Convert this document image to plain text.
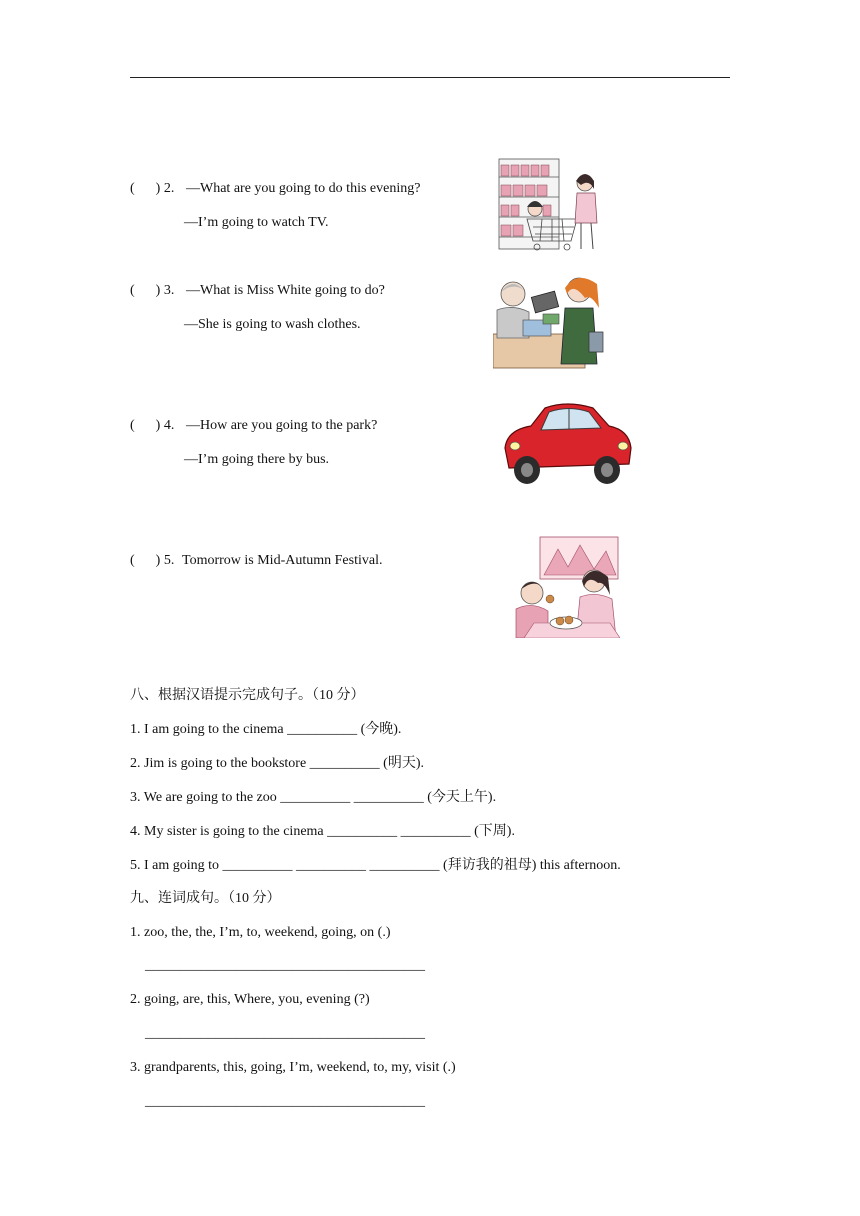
(      ) 2. —What are you going to do this evening?
—I’m going to watch TV.
(      ) 3. —What is Miss White going to do?
—She is going to wash clothes.
(      ) 4. —How are you going to the park?
—I’m going there by bus.
(      ) 5. Tomorrow is Mid-Autumn Festival.
八、根据汉语提示完成句子。（10 分）
1. I am going to the cinema __________ (今晚).
2. Jim is going to the bookstore __________ (明天).
3. We are going to the zoo __________ __________ (今天上午).
4. My sister is going to the cinema __________ __________ (下周).
5. I am going to __________ __________ __________ (拜访我的祖母) this afternoon.
九、连词成句。（10 分）
1. zoo, the, the, I’m, to, weekend, going, on (.)
________________________________________
2. going, are, this, Where, you, evening (?)
________________________________________
3. grandparents, this, going, I’m, weekend, to, my, visit (.)
________________________________________
